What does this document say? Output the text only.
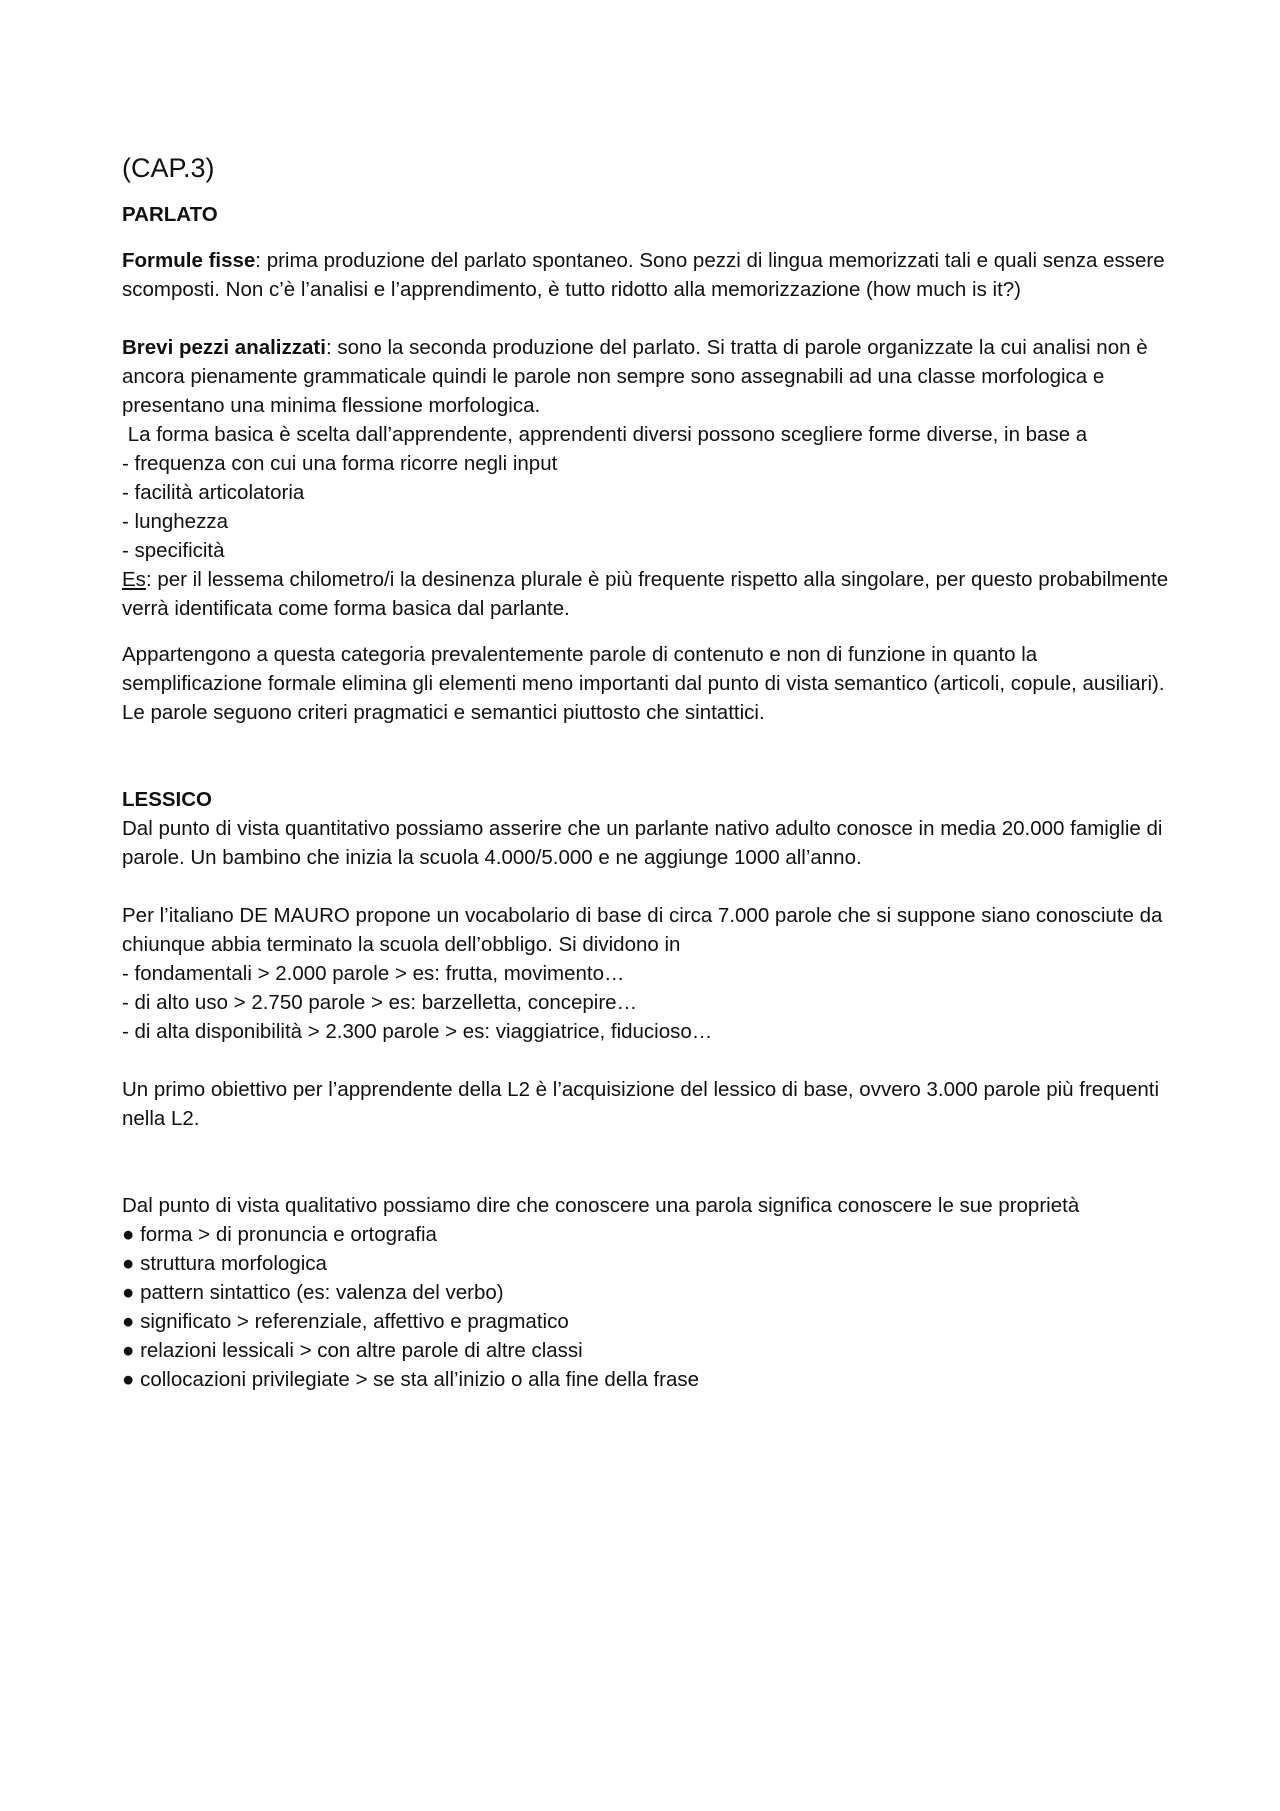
(CAP.3)

PARLATO

Formule fisse: prima produzione del parlato spontaneo. Sono pezzi di lingua memorizzati tali e quali senza essere scomposti. Non c’è l’analisi e l’apprendimento, è tutto ridotto alla memorizzazione (how much is it?)

Brevi pezzi analizzati: sono la seconda produzione del parlato. Si tratta di parole organizzate la cui analisi non è ancora pienamente grammaticale quindi le parole non sempre sono assegnabili ad una classe morfologica e presentano una minima flessione morfologica.

La forma basica è scelta dall’apprendente, apprendenti diversi possono scegliere forme diverse, in base a

- frequenza con cui una forma ricorre negli input
- facilità articolatoria
- lunghezza
- specificità

Es: per il lessema chilometro/i la desinenza plurale è più frequente rispetto alla singolare, per questo probabilmente verrà identificata come forma basica dal parlante.

Appartengono a questa categoria prevalentemente parole di contenuto e non di funzione in quanto la semplificazione formale elimina gli elementi meno importanti dal punto di vista semantico (articoli, copule, ausiliari).

Le parole seguono criteri pragmatici e semantici piuttosto che sintattici.

LESSICO

Dal punto di vista quantitativo possiamo asserire che un parlante nativo adulto conosce in media 20.000 famiglie di parole. Un bambino che inizia la scuola 4.000/5.000 e ne aggiunge 1000 all’anno.

Per l’italiano DE MAURO propone un vocabolario di base di circa 7.000 parole che si suppone siano conosciute da chiunque abbia terminato la scuola dell’obbligo. Si dividono in

- fondamentali > 2.000 parole > es: frutta, movimento…
- di alto uso > 2.750 parole > es: barzelletta, concepire…
- di alta disponibilità > 2.300 parole > es: viaggiatrice, fiducioso…

Un primo obiettivo per l’apprendente della L2 è l’acquisizione del lessico di base, ovvero 3.000 parole più frequenti nella L2.

Dal punto di vista qualitativo possiamo dire che conoscere una parola significa conoscere le sue proprietà

● forma > di pronuncia e ortografia
● struttura morfologica
● pattern sintattico (es: valenza del verbo)
● significato > referenziale, affettivo e pragmatico
● relazioni lessicali > con altre parole di altre classi
● collocazioni privilegiate > se sta all’inizio o alla fine della frase
